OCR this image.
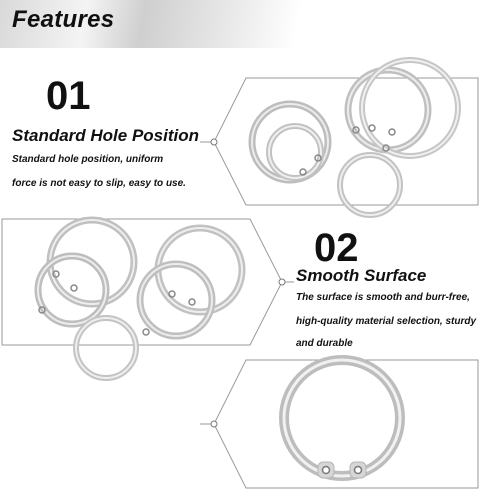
Features
01
Standard Hole Position
Standard hole position, uniform
force is not easy to slip, easy to use.
02
Smooth Surface
The surface is smooth and burr-free,
high-quality material selection, sturdy
and durable
